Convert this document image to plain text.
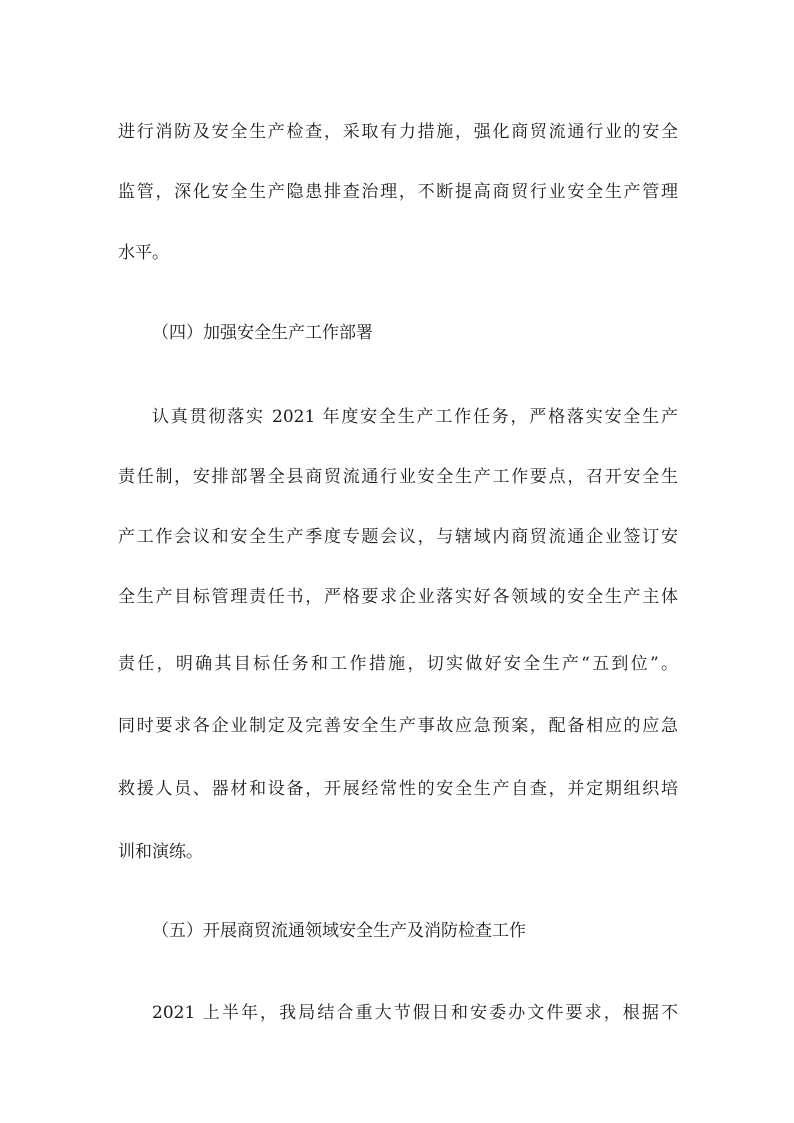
进行消防及安全生产检查，采取有力措施，强化商贸流通行业的安全
监管，深化安全生产隐患排查治理，不断提高商贸行业安全生产管理
水平。
（四）加强安全生产工作部署
认真贯彻落实 2021 年度安全生产工作任务，严格落实安全生产
责任制，安排部署全县商贸流通行业安全生产工作要点，召开安全生
产工作会议和安全生产季度专题会议，与辖域内商贸流通企业签订安
全生产目标管理责任书，严格要求企业落实好各领域的安全生产主体
责任，明确其目标任务和工作措施，切实做好安全生产“五到位”。
同时要求各企业制定及完善安全生产事故应急预案，配备相应的应急
救援人员、器材和设备，开展经常性的安全生产自查，并定期组织培
训和演练。
（五）开展商贸流通领域安全生产及消防检查工作
2021 上半年，我局结合重大节假日和安委办文件要求，根据不
